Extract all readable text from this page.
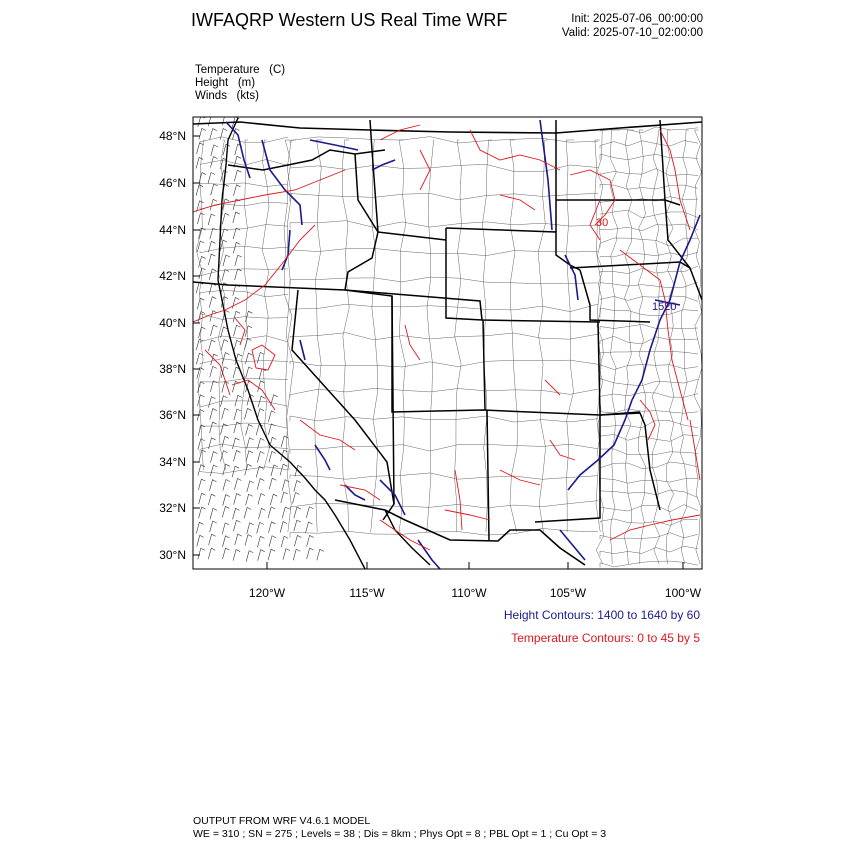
IWFAQRP Western US Real Time WRF	Init: 2025-07-06_00:00:00
Valid: 2025-07-10_02:00:00
Temperature (C)
Height (m)
Winds (kts)
30
1520
48°N
46°N
44°N
42°N
40°N
38°N
36°N
34°N
32°N
30°N
120°W	115°W	110°W	105°W	100°W
Height Contours: 1400 to 1640 by 60
Temperature Contours: 0 to 45 by 5
OUTPUT FROM WRF V4.6.1 MODEL
WE = 310 ; SN = 275 ; Levels = 38 ; Dis = 8km ; Phys Opt = 8 ; PBL Opt = 1 ; Cu Opt = 3
